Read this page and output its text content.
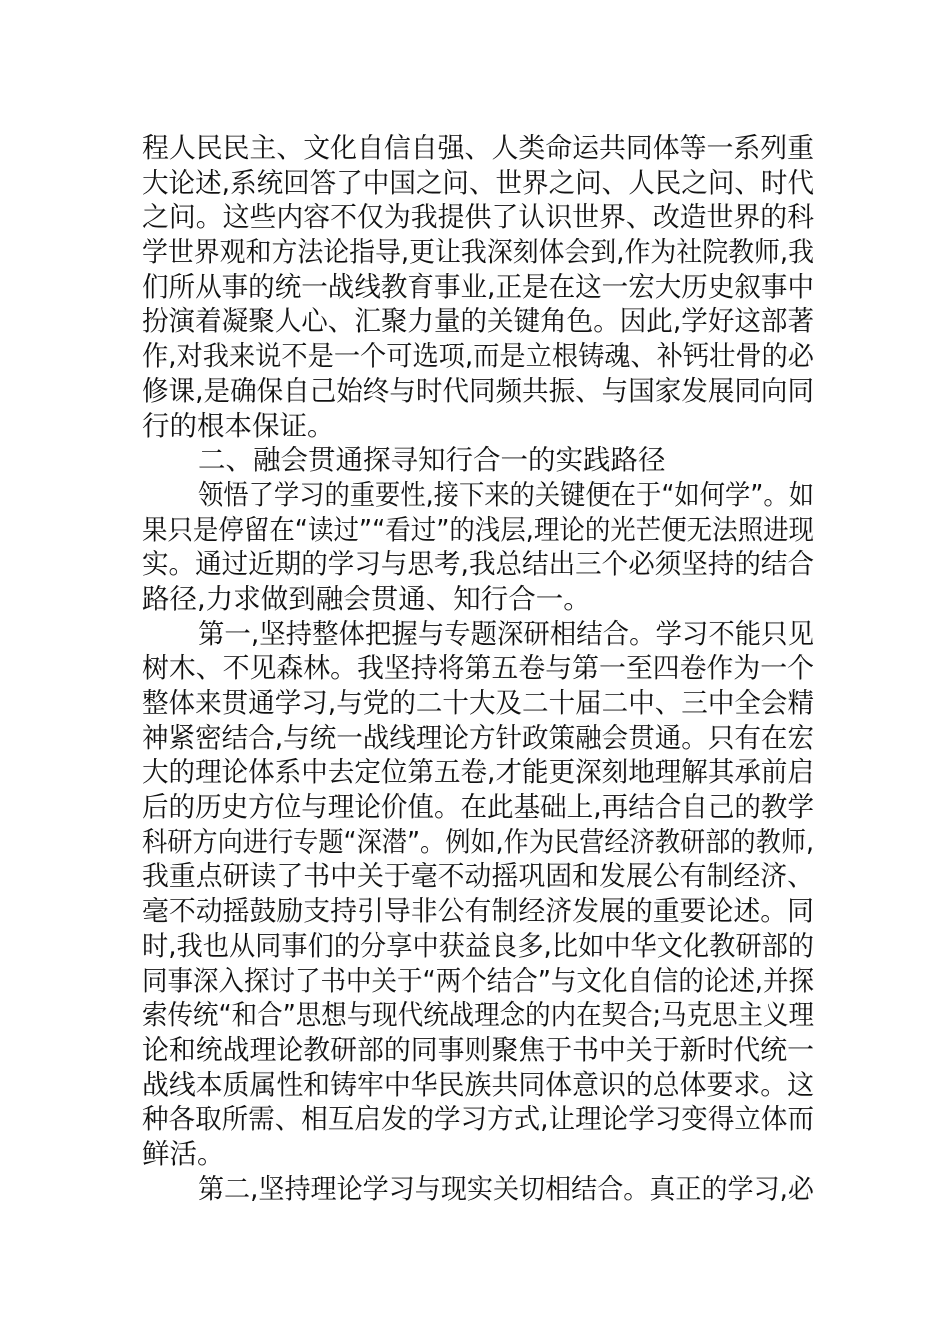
程人民民主、文化自信自强、人类命运共同体等一系列重
大论述,系统回答了中国之问、世界之问、人民之问、时代
之问。这些内容不仅为我提供了认识世界、改造世界的科
学世界观和方法论指导,更让我深刻体会到,作为社院教师,我
们所从事的统一战线教育事业,正是在这一宏大历史叙事中
扮演着凝聚人心、汇聚力量的关键角色。因此,学好这部著
作,对我来说不是一个可选项,而是立根铸魂、补钙壮骨的必
修课,是确保自己始终与时代同频共振、与国家发展同向同
行的根本保证。
二、融会贯通探寻知行合一的实践路径
领悟了学习的重要性,接下来的关键便在于“如何学”。如
果只是停留在“读过”“看过”的浅层,理论的光芒便无法照进现
实。通过近期的学习与思考,我总结出三个必须坚持的结合
路径,力求做到融会贯通、知行合一。
第一,坚持整体把握与专题深研相结合。学习不能只见
树木、不见森林。我坚持将第五卷与第一至四卷作为一个
整体来贯通学习,与党的二十大及二十届二中、三中全会精
神紧密结合,与统一战线理论方针政策融会贯通。只有在宏
大的理论体系中去定位第五卷,才能更深刻地理解其承前启
后的历史方位与理论价值。在此基础上,再结合自己的教学
科研方向进行专题“深潜”。例如,作为民营经济教研部的教师,
我重点研读了书中关于毫不动摇巩固和发展公有制经济、
毫不动摇鼓励支持引导非公有制经济发展的重要论述。同
时,我也从同事们的分享中获益良多,比如中华文化教研部的
同事深入探讨了书中关于“两个结合”与文化自信的论述,并探
索传统“和合”思想与现代统战理念的内在契合;马克思主义理
论和统战理论教研部的同事则聚焦于书中关于新时代统一
战线本质属性和铸牢中华民族共同体意识的总体要求。这
种各取所需、相互启发的学习方式,让理论学习变得立体而
鲜活。
第二,坚持理论学习与现实关切相结合。真正的学习,必
